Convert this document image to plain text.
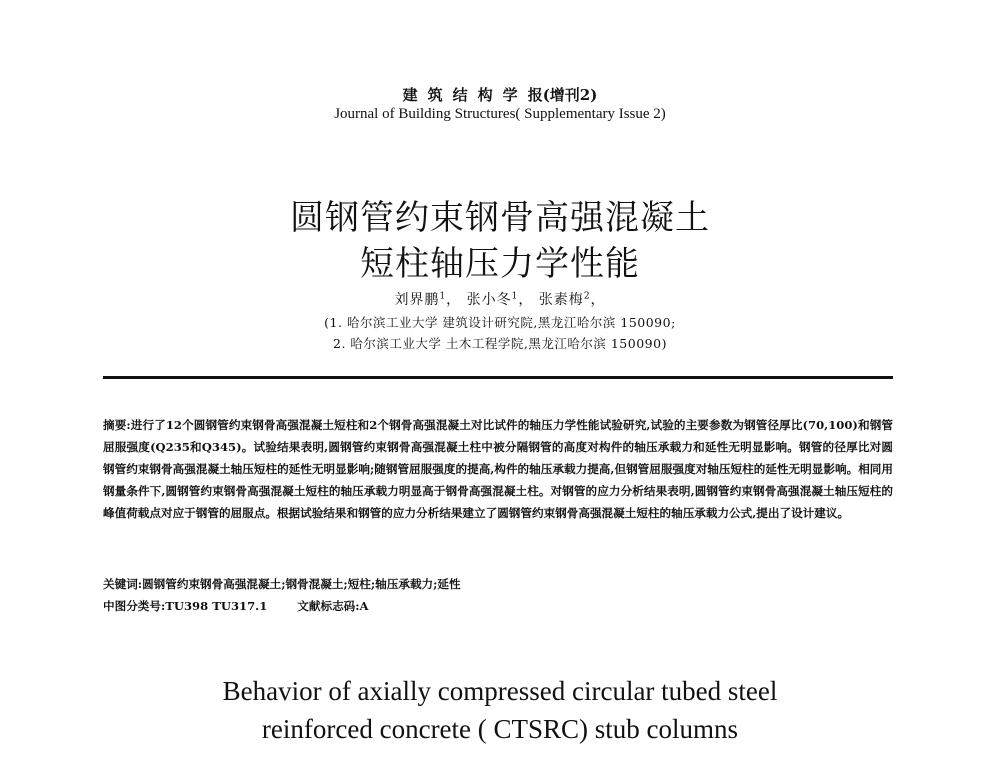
建筑结构学报(增刊2)
Journal of Building Structures( Supplementary Issue 2)
圆钢管约束钢骨高强混凝土
短柱轴压力学性能
刘界鹏$^1$， 张小冬$^1$， 张素梅$^2$，
(1. 哈尔滨工业大学 建筑设计研究院,黑龙江哈尔滨 150090;
2. 哈尔滨工业大学 土木工程学院,黑龙江哈尔滨 150090)
摘要:进行了12个圆钢管约束钢骨高强混凝土短柱和2个钢骨高强混凝土对比试件的轴压力学性能试验研究,试验的主要参数为钢管径厚比(70,100)和钢管屈服强度(Q235和Q345)。试验结果表明,圆钢管约束钢骨高强混凝土柱中被分隔钢管的高度对构件的轴压承载力和延性无明显影响。钢管的径厚比对圆钢管约束钢骨高强混凝土轴压短柱的延性无明显影响;随钢管屈服强度的提高,构件的轴压承载力提高,但钢管屈服强度对轴压短柱的延性无明显影响。相同用钢量条件下,圆钢管约束钢骨高强混凝土短柱的轴压承载力明显高于钢骨高强混凝土柱。对钢管的应力分析结果表明,圆钢管约束钢骨高强混凝土轴压短柱的峰值荷载点对应于钢管的屈服点。根据试验结果和钢管的应力分析结果建立了圆钢管约束钢骨高强混凝土短柱的轴压承载力公式,提出了设计建议。
关键词:圆钢管约束钢骨高强混凝土;钢骨混凝土;短柱;轴压承载力;延性
中图分类号:TU398 TU317.1	文献标志码:A
Behavior of axially compressed circular tubed steel
reinforced concrete ( CTSRC) stub columns
